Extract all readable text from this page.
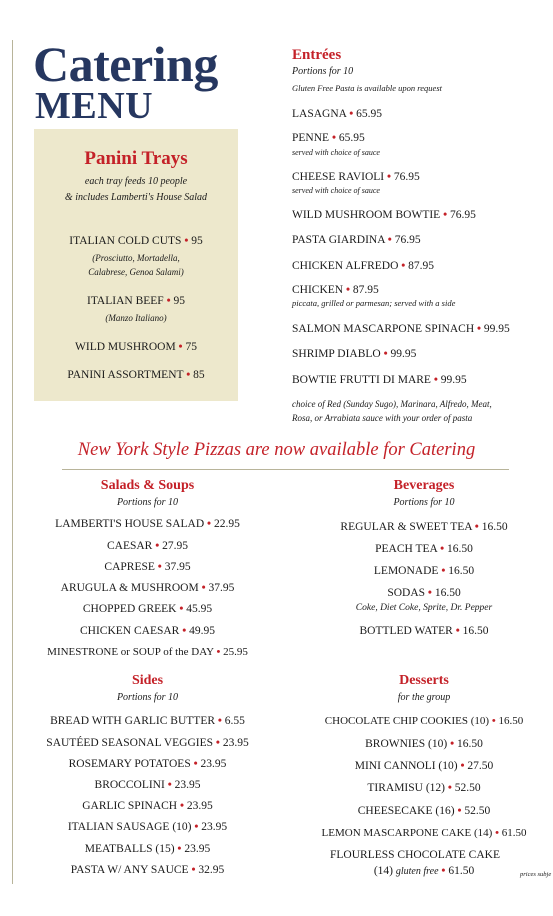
Catering
MENU
Panini Trays
each tray feeds 10 people
& includes Lamberti's House Salad
ITALIAN COLD CUTS • 95
(Prosciutto, Mortadella,
Calabrese, Genoa Salami)
ITALIAN BEEF • 95
(Manzo Italiano)
WILD MUSHROOM • 75
PANINI ASSORTMENT • 85
Entrées
Portions for 10
Gluten Free Pasta is available upon request
LASAGNA • 65.95
PENNE • 65.95
served with choice of sauce
CHEESE RAVIOLI • 76.95
served with choice of sauce
WILD MUSHROOM BOWTIE • 76.95
PASTA GIARDINA • 76.95
CHICKEN ALFREDO • 87.95
CHICKEN • 87.95
piccata, grilled or parmesan; served with a side
SALMON MASCARPONE SPINACH • 99.95
SHRIMP DIABLO • 99.95
BOWTIE FRUTTI DI MARE • 99.95
choice of Red (Sunday Sugo), Marinara, Alfredo, Meat,
Rosa, or Arrabiata sauce with your order of pasta
New York Style Pizzas are now available for Catering
Salads & Soups
Portions for 10
LAMBERTI'S HOUSE SALAD • 22.95
CAESAR • 27.95
CAPRESE • 37.95
ARUGULA & MUSHROOM • 37.95
CHOPPED GREEK • 45.95
CHICKEN CAESAR • 49.95
MINESTRONE or SOUP of the DAY • 25.95
Beverages
Portions for 10
REGULAR & SWEET TEA • 16.50
PEACH TEA • 16.50
LEMONADE • 16.50
SODAS • 16.50
Coke, Diet Coke, Sprite, Dr. Pepper
BOTTLED WATER • 16.50
Sides
Portions for 10
BREAD WITH GARLIC BUTTER • 6.55
SAUTÉED SEASONAL VEGGIES • 23.95
ROSEMARY POTATOES • 23.95
BROCCOLINI • 23.95
GARLIC SPINACH • 23.95
ITALIAN SAUSAGE (10) • 23.95
MEATBALLS (15) • 23.95
PASTA W/ ANY SAUCE • 32.95
Desserts
for the group
CHOCOLATE CHIP COOKIES (10) • 16.50
BROWNIES (10) • 16.50
MINI CANNOLI (10) • 27.50
TIRAMISU (12) • 52.50
CHEESECAKE (16) • 52.50
LEMON MASCARPONE CAKE (14) • 61.50
FLOURLESS CHOCOLATE CAKE
(14) gluten free • 61.50	prices subje
